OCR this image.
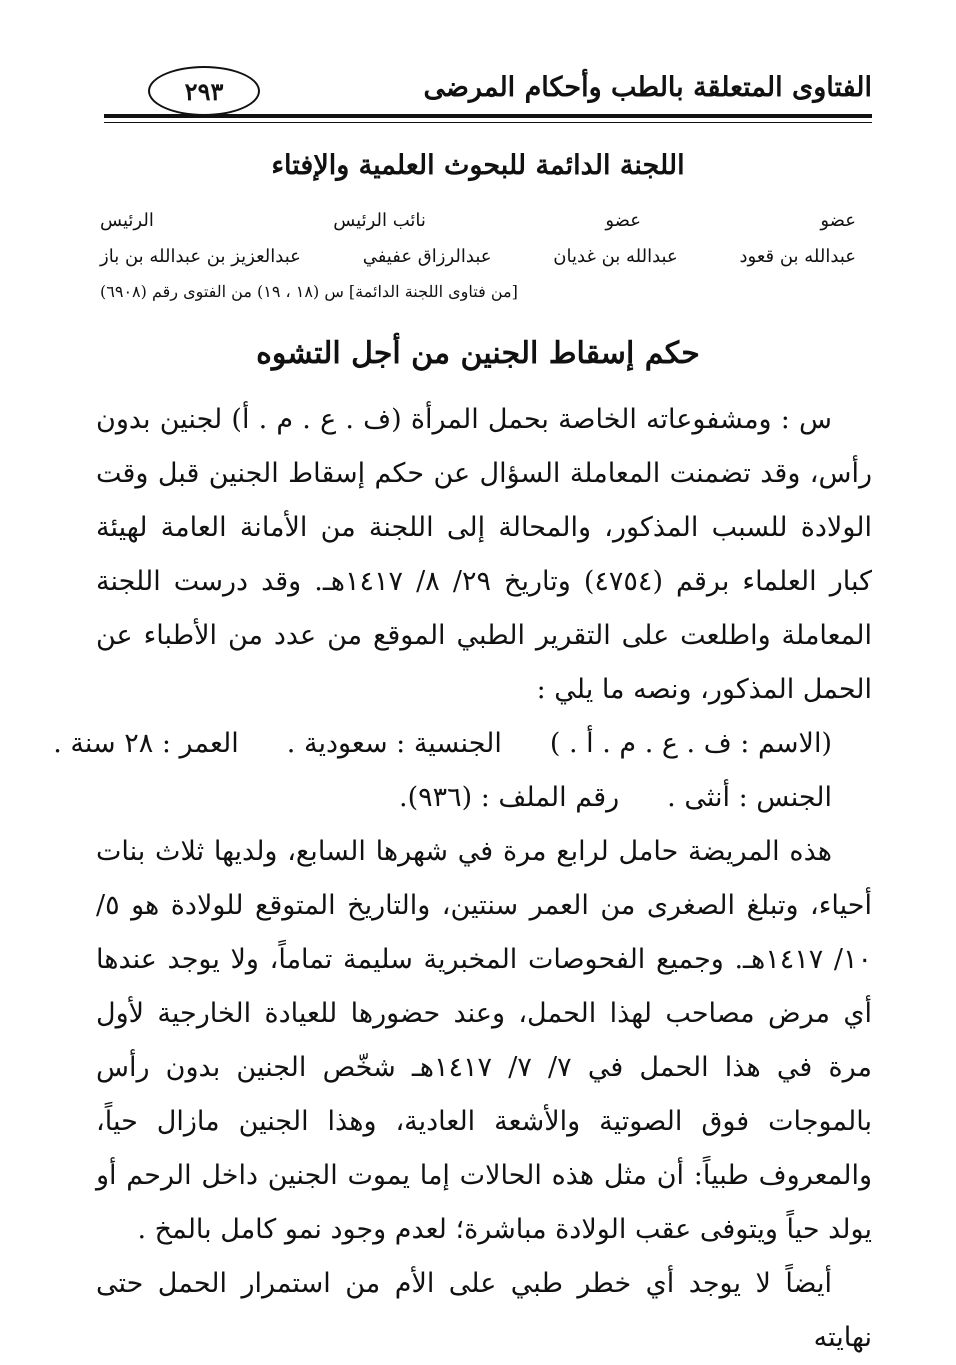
الفتاوى المتعلقة بالطب وأحكام المرضى
٢٩٣
اللجنة الدائمة للبحوث العلمية والإفتاء
عضو
عضو
نائب الرئيس
الرئيس
عبدالله بن قعود
عبدالله بن غديان
عبدالرزاق عفيفي
عبدالعزيز بن عبدالله بن باز
[من فتاوى اللجنة الدائمة] س (١٨ ، ١٩) من الفتوى رقم (٦٩٠٨)
حكم إسقاط الجنين من أجل التشوه

س : ومشفوعاته الخاصة بحمل المرأة (ف . ع . م . أ) لجنين بدون رأس، وقد تضمنت المعاملة السؤال عن حكم إسقاط الجنين قبل وقت الولادة للسبب المذكور، والمحالة إلى اللجنة من الأمانة العامة لهيئة كبار العلماء برقم (٤٧٥٤) وتاريخ ٢٩/ ٨/ ١٤١٧هـ. وقد درست اللجنة المعاملة واطلعت على التقرير الطبي الموقع من عدد من الأطباء عن الحمل المذكور، ونصه ما يلي :

(الاسم : ف . ع . م . أ . )
الجنسية : سعودية .
العمر : ٢٨ سنة .
الجنس : أنثى .
رقم الملف : (٩٣٦).

هذه المريضة حامل لرابع مرة في شهرها السابع، ولديها ثلاث بنات أحياء، وتبلغ الصغرى من العمر سنتين، والتاريخ المتوقع للولادة هو ٥/ ١٠/ ١٤١٧هـ. وجميع الفحوصات المخبرية سليمة تماماً، ولا يوجد عندها أي مرض مصاحب لهذا الحمل، وعند حضورها للعيادة الخارجية لأول مرة في هذا الحمل في ٧/ ٧/ ١٤١٧هـ شخّص الجنين بدون رأس بالموجات فوق الصوتية والأشعة العادية، وهذا الجنين مازال حياً، والمعروف طبياً: أن مثل هذه الحالات إما يموت الجنين داخل الرحم أو يولد حياً ويتوفى عقب الولادة مباشرة؛ لعدم وجود نمو كامل بالمخ .

أيضاً لا يوجد أي خطر طبي على الأم من استمرار الحمل حتى نهايته
